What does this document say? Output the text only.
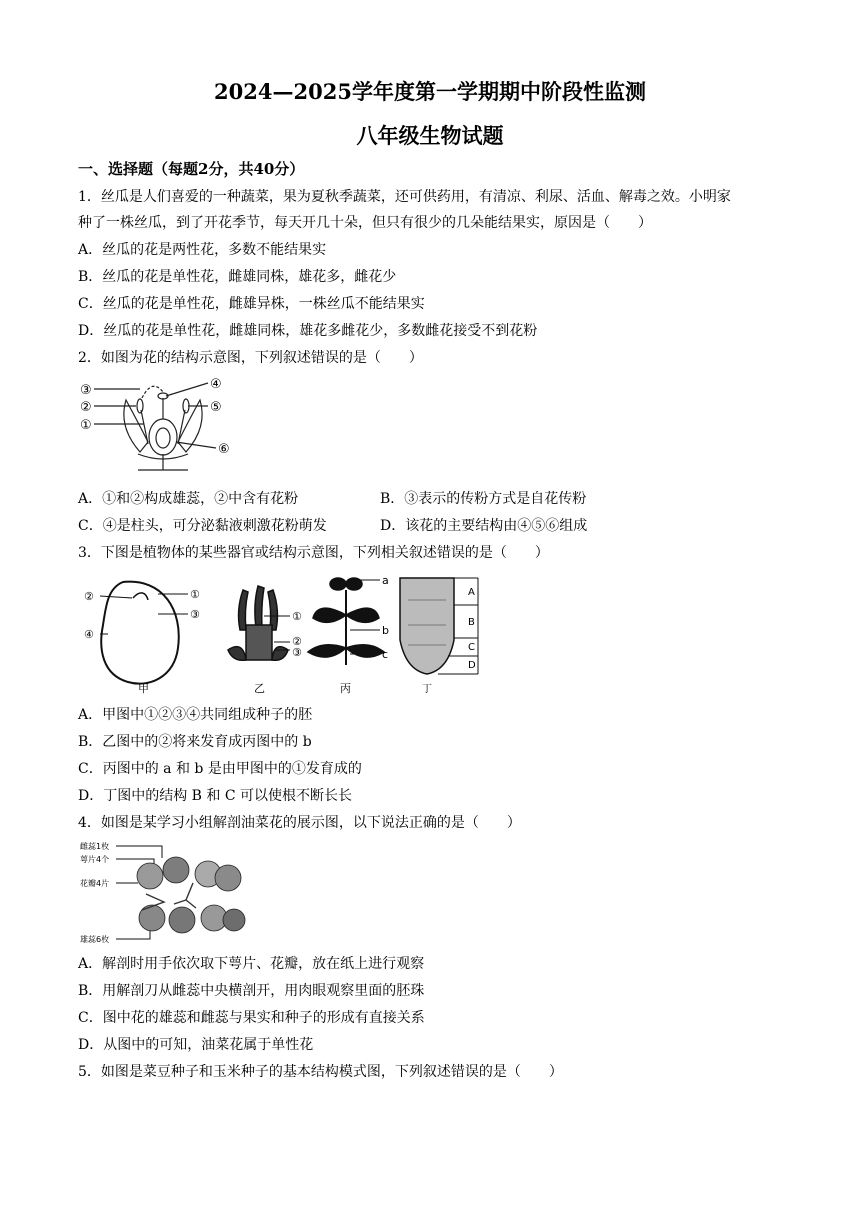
2024—2025学年度第一学期期中阶段性监测
八年级生物试题
一、选择题（每题2分，共40分）
1．丝瓜是人们喜爱的一种蔬菜，果为夏秋季蔬菜，还可供药用，有清凉、利尿、活血、解毒之效。小明家
种了一株丝瓜，到了开花季节，每天开几十朵，但只有很少的几朵能结果实，原因是（　　）
A．丝瓜的花是两性花，多数不能结果实
B．丝瓜的花是单性花，雌雄同株，雄花多，雌花少
C．丝瓜的花是单性花，雌雄异株，一株丝瓜不能结果实
D．丝瓜的花是单性花，雌雄同株，雄花多雌花少，多数雌花接受不到花粉
2．如图为花的结构示意图，下列叙述错误的是（　　）
③
②
①
④
⑤
⑥
A．①和②构成雄蕊，②中含有花粉	B．③表示的传粉方式是自花传粉
C．④是柱头，可分泌黏液刺激花粉萌发	D．该花的主要结构由④⑤⑥组成
3．下图是植物体的某些器官或结构示意图，下列相关叙述错误的是（　　）
②	①
③
④
甲
①
②
③
乙
a
b
c
丙
A
B
C
D
丁
A．甲图中①②③④共同组成种子的胚
B．乙图中的②将来发育成丙图中的 b
C．丙图中的 a 和 b 是由甲图中的①发育成的
D．丁图中的结构 B 和 C 可以使根不断长长
4．如图是某学习小组解剖油菜花的展示图，以下说法正确的是（　　）
雌蕊1枚
萼片4个
花瓣4片
雄蕊6枚
A．解剖时用手依次取下萼片、花瓣，放在纸上进行观察
B．用解剖刀从雌蕊中央横剖开，用肉眼观察里面的胚珠
C．图中花的雄蕊和雌蕊与果实和种子的形成有直接关系
D．从图中的可知，油菜花属于单性花
5．如图是菜豆种子和玉米种子的基本结构模式图，下列叙述错误的是（　　）
